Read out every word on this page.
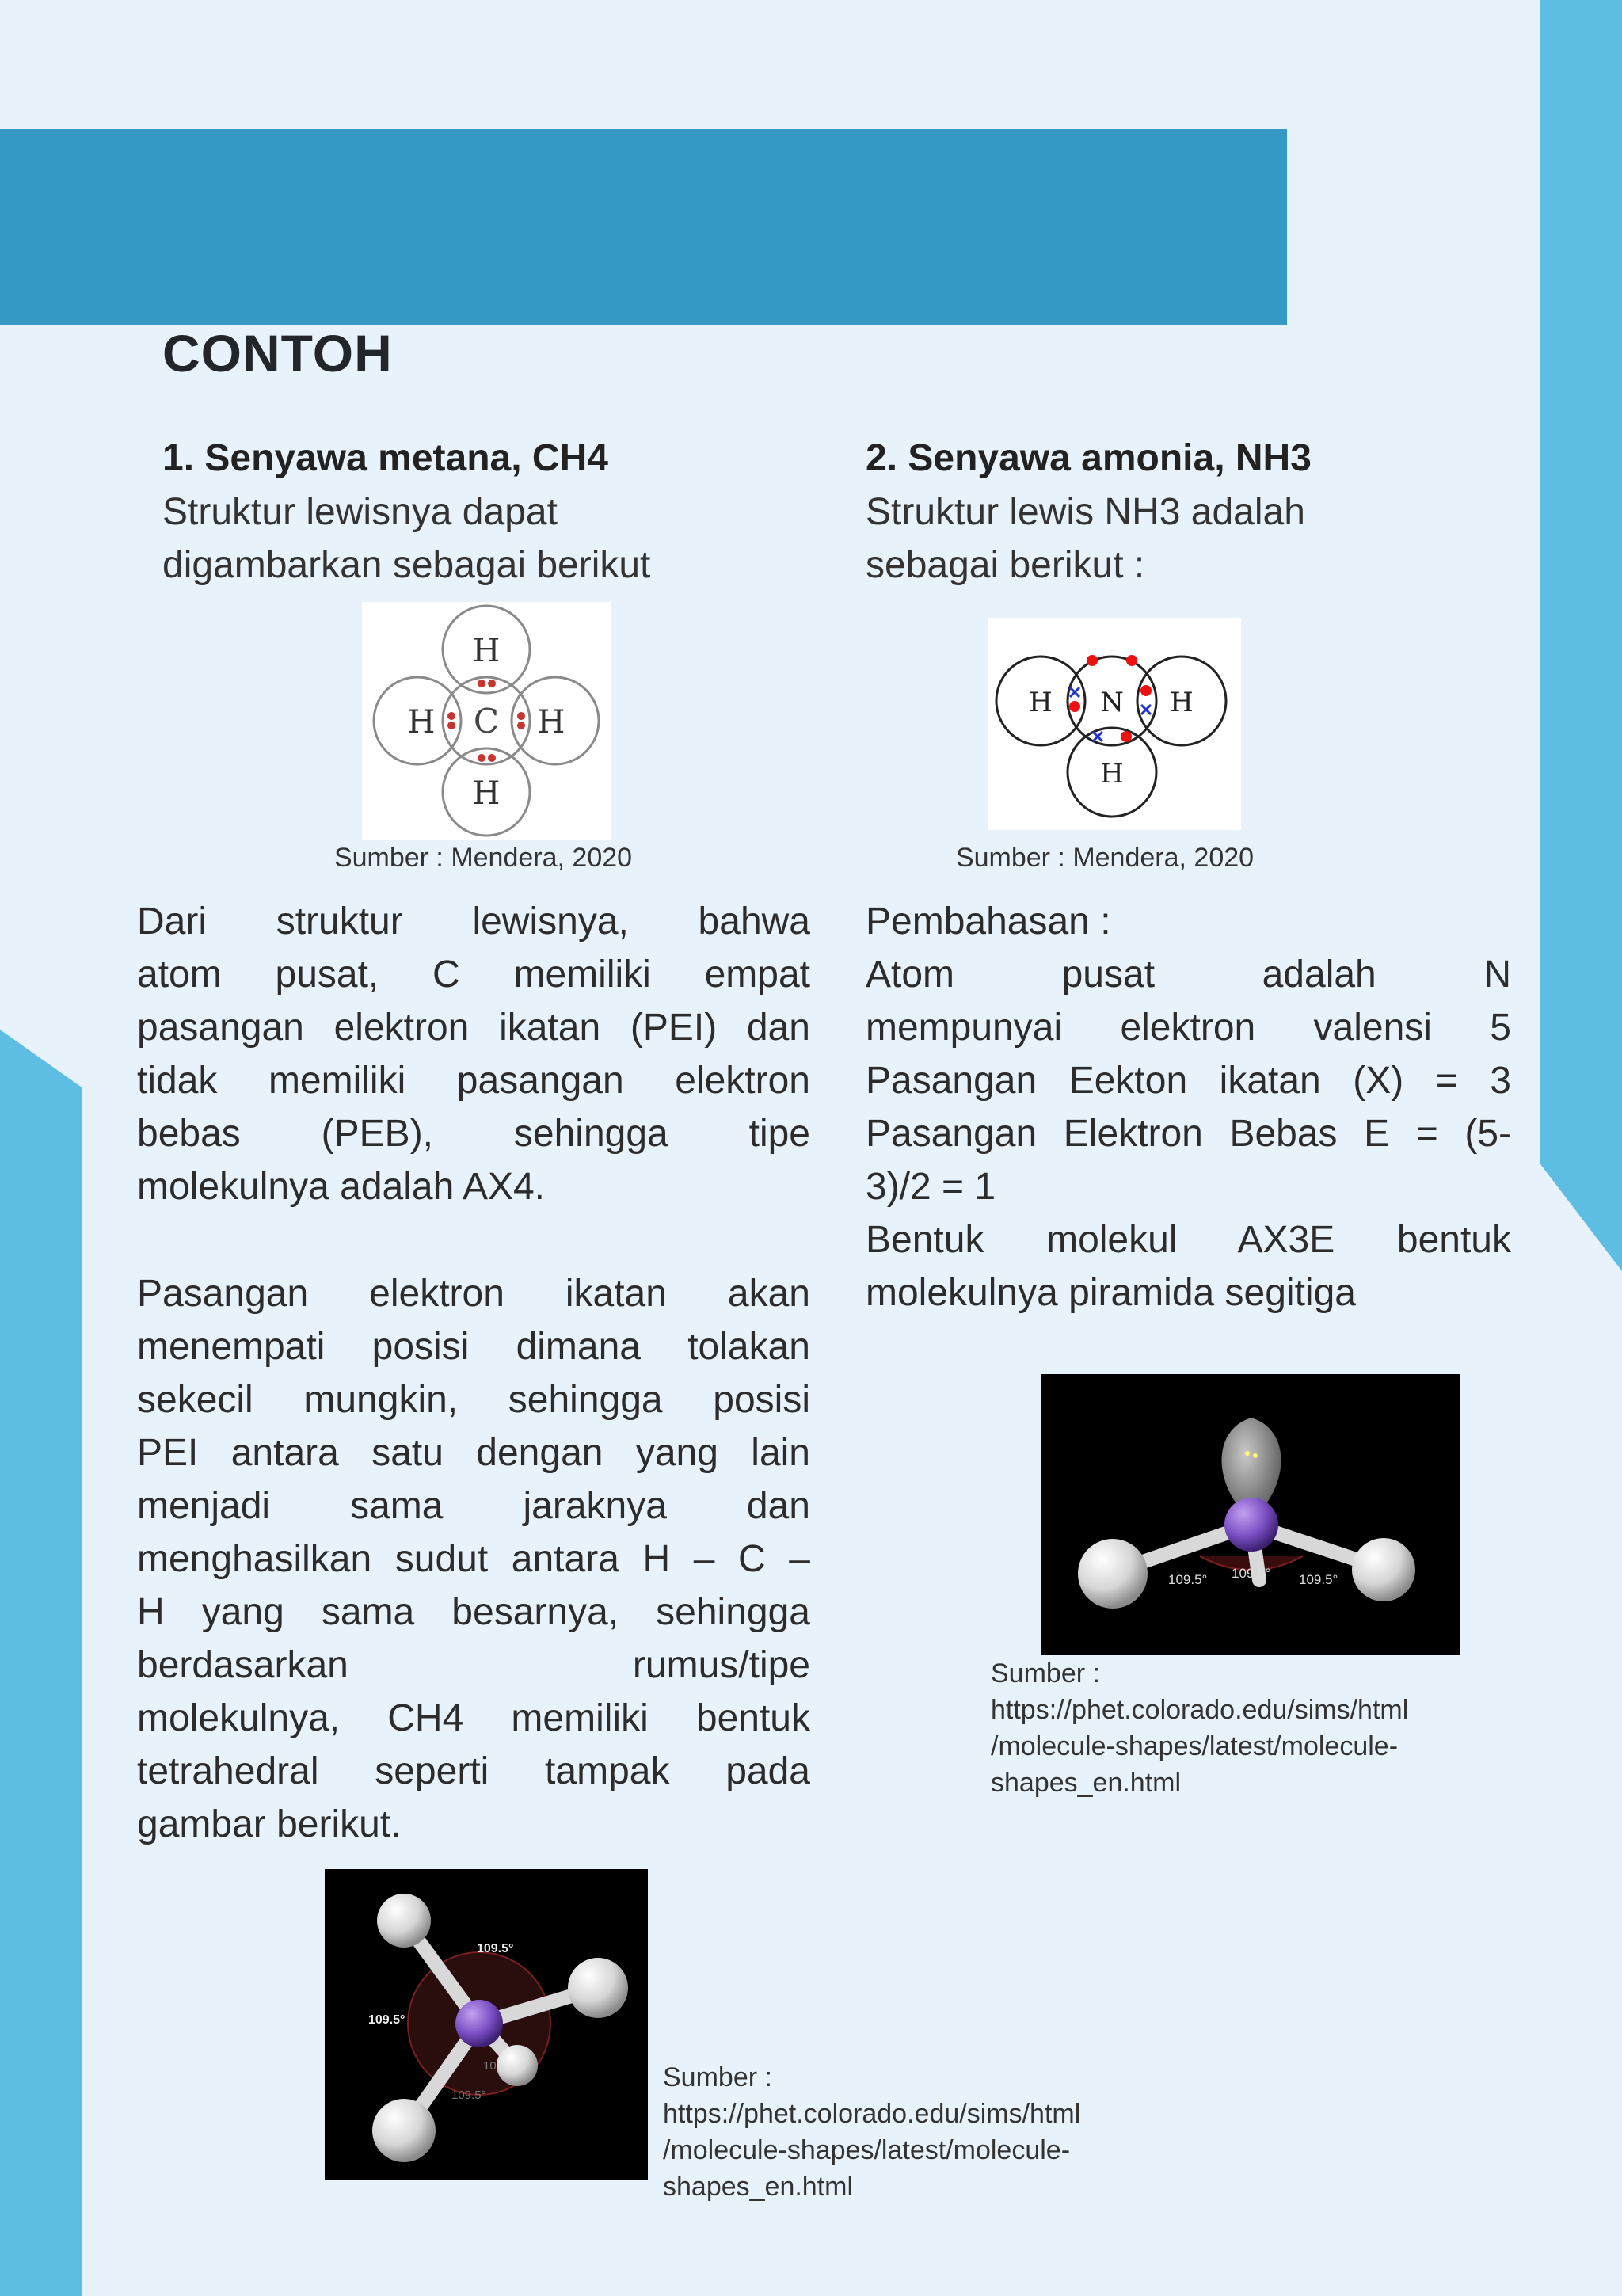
CONTOH
1. Senyawa metana, CH4
Struktur lewisnya dapat
digambarkan sebagai berikut
C
H
H
H	H
Sumber : Mendera, 2020
Dari struktur lewisnya, bahwa
atom pusat, C memiliki empat
pasangan elektron ikatan (PEI) dan
tidak memiliki pasangan elektron
bebas (PEB), sehingga tipe
molekulnya adalah AX4.
Pasangan elektron ikatan akan
menempati posisi dimana tolakan
sekecil mungkin, sehingga posisi
PEI antara satu dengan yang lain
menjadi sama jaraknya dan
menghasilkan sudut antara H – C –
H yang sama besarnya, sehingga
berdasarkan rumus/tipe
molekulnya, CH4 memiliki bentuk
tetrahedral seperti tampak pada
gambar berikut.
109.5°
109.5°
109.5°
10	Sumber :
https://phet.colorado.edu/sims/html
/molecule-shapes/latest/molecule-
shapes_en.html
2. Senyawa amonia, NH3
Struktur lewis NH3 adalah
sebagai berikut :
N
H	H
H
Sumber : Mendera, 2020
Pembahasan :
Atom pusat adalah N
mempunyai elektron valensi 5
Pasangan Eekton ikatan (X) = 3
Pasangan Elektron Bebas E = (5-
3)/2 = 1
Bentuk molekul AX3E bentuk
molekulnya piramida segitiga
109.5° 109.5° 109.5°
Sumber :
https://phet.colorado.edu/sims/html
/molecule-shapes/latest/molecule-
shapes_en.html
